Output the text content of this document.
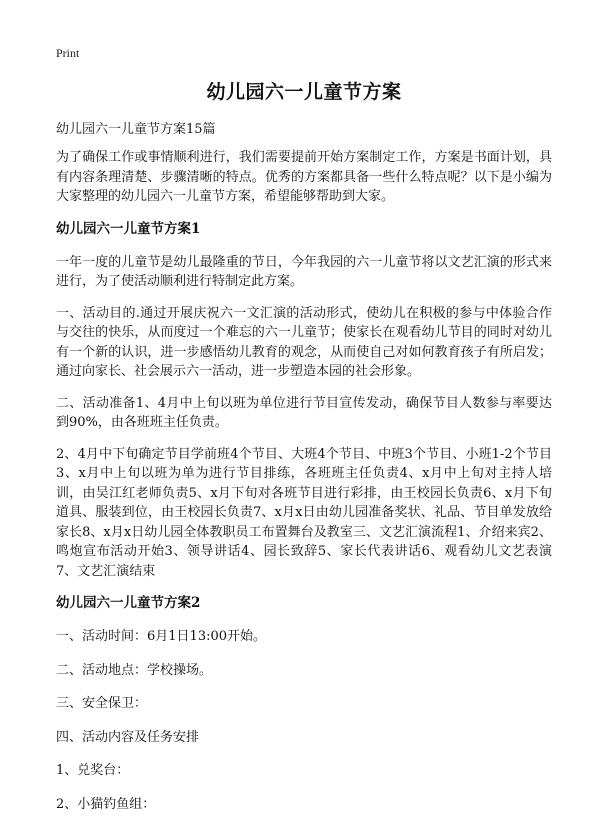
Print
幼儿园六一儿童节方案

幼儿园六一儿童节方案15篇

为了确保工作或事情顺利进行，我们需要提前开始方案制定工作，方案是书面计划，具有内容条理清楚、步骤清晰的特点。优秀的方案都具备一些什么特点呢？以下是小编为大家整理的幼儿园六一儿童节方案，希望能够帮助到大家。

幼儿园六一儿童节方案1

一年一度的儿童节是幼儿最隆重的节日，今年我园的六一儿童节将以文艺汇演的形式来进行，为了使活动顺利进行特制定此方案。

一、活动目的.通过开展庆祝六一文汇演的活动形式，使幼儿在积极的参与中体验合作与交往的快乐，从而度过一个难忘的六一儿童节；使家长在观看幼儿节目的同时对幼儿有一个新的认识，进一步感悟幼儿教育的观念，从而使自己对如何教育孩子有所启发；通过向家长、社会展示六一活动，进一步塑造本园的社会形象。

二、活动准备1、4月中上旬以班为单位进行节目宣传发动，确保节目人数参与率要达到90%，由各班班主任负责。

2、4月中下旬确定节目学前班4个节目、大班4个节目、中班3个节目、小班1-2个节目3、x月中上旬以班为单为进行节目排练，各班班主任负责4、x月中上旬对主持人培训，由吴江红老师负责5、x月下旬对各班节目进行彩排，由王校园长负责6、x月下旬道具、服装到位，由王校园长负责7、x月x日由幼儿园准备奖状、礼品、节目单发放给家长8、x月x日幼儿园全体教职员工布置舞台及教室三、文艺汇演流程1、介绍来宾2、鸣炮宣布活动开始3、领导讲话4、园长致辞5、家长代表讲话6、观看幼儿文艺表演7、文艺汇演结束

幼儿园六一儿童节方案2

一、活动时间：6月1日13:00开始。

二、活动地点：学校操场。

三、安全保卫：

四、活动内容及任务安排

1、兑奖台：

2、小猫钓鱼组：
